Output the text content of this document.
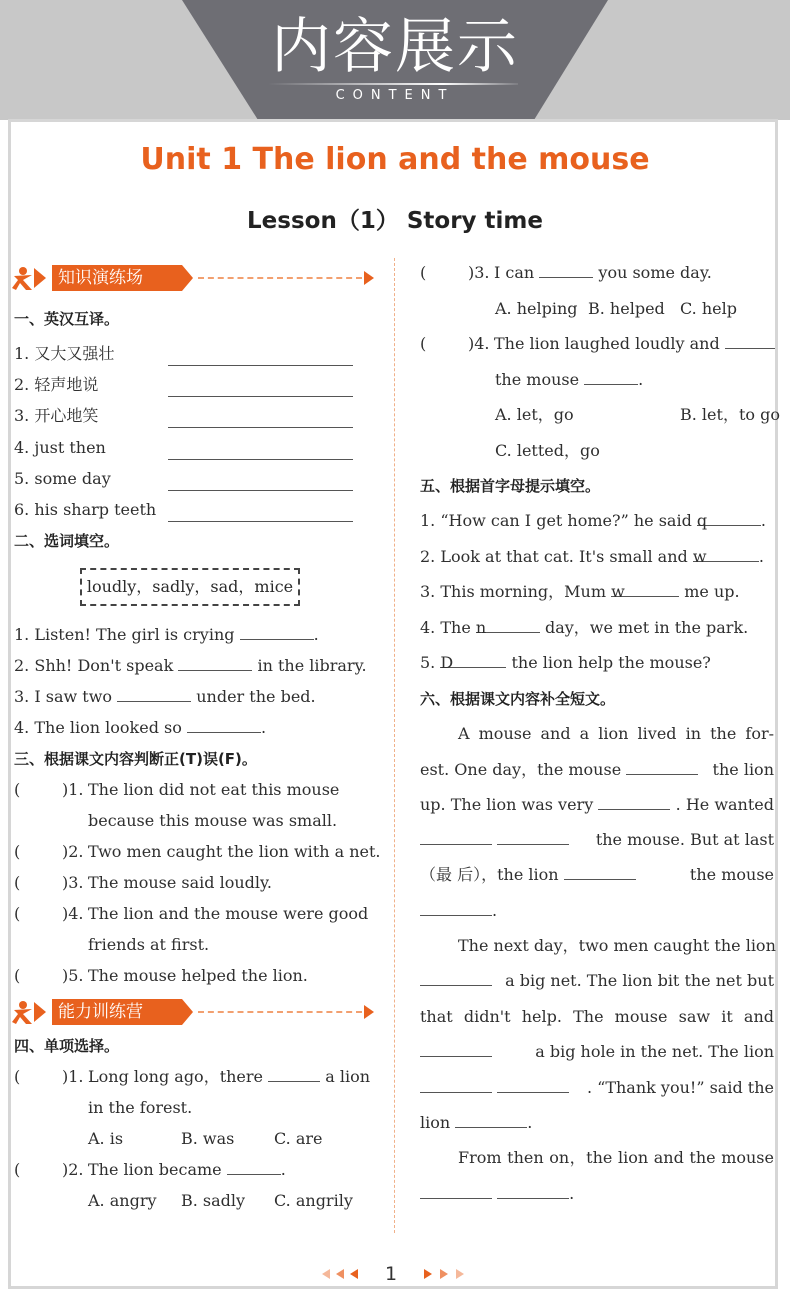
内容展示
CONTENT
Unit 1 The lion and the mouse
Lesson（1） Story time
知识演练场
一、英汉互译。
1. 又大又强壮
2. 轻声地说
3. 开心地笑
4. just then
5. some day
6. his sharp teeth
二、选词填空。
loudly，sadly，sad，mice
1. Listen! The girl is crying	.
2. Shh! Don't speak	in the library.
3. I saw two	under the bed.
4. The lion looked so	.
三、根据课文内容判断正(T)误(F)。
(	)1. The lion did not eat this mouse
because this mouse was small.
(	)2. Two men caught the lion with a net.
(	)3. The mouse said loudly.
(	)4. The lion and the mouse were good
friends at first.
(	)5. The mouse helped the lion.
能力训练营
四、单项选择。
(	)1. Long long ago，there	a lion
in the forest.
A. is	B. was C. are
(	)2. The lion became	.
A. angry B. sadly C. angrily
(	)3. I can	you some day.
A. helping B. helped C. help
(	)4. The lion laughed loudly and
the mouse	.
A. let，go	B. let，to go
C. letted，go
五、根据首字母提示填空。
1. “How can I get home?” he said q	.
2. Look at that cat. It's small and w	.
3. This morning，Mum w	me up.
4. The n	day，we met in the park.
5. D	the lion help the mouse?
六、根据课文内容补全短文。
A mouse and a lion lived in the for-
est. One day，the mouse	the lion
up. The lion was very	. He wanted

the mouse. But at last
（最 后），the lion	the mouse
.
The next day，two men caught the lion
a big net. The lion bit the net but
that didn't help. The mouse saw it and
a big hole in the net. The lion

. “Thank you!” said the
lion	.
From then on，the lion and the mouse
.
1
